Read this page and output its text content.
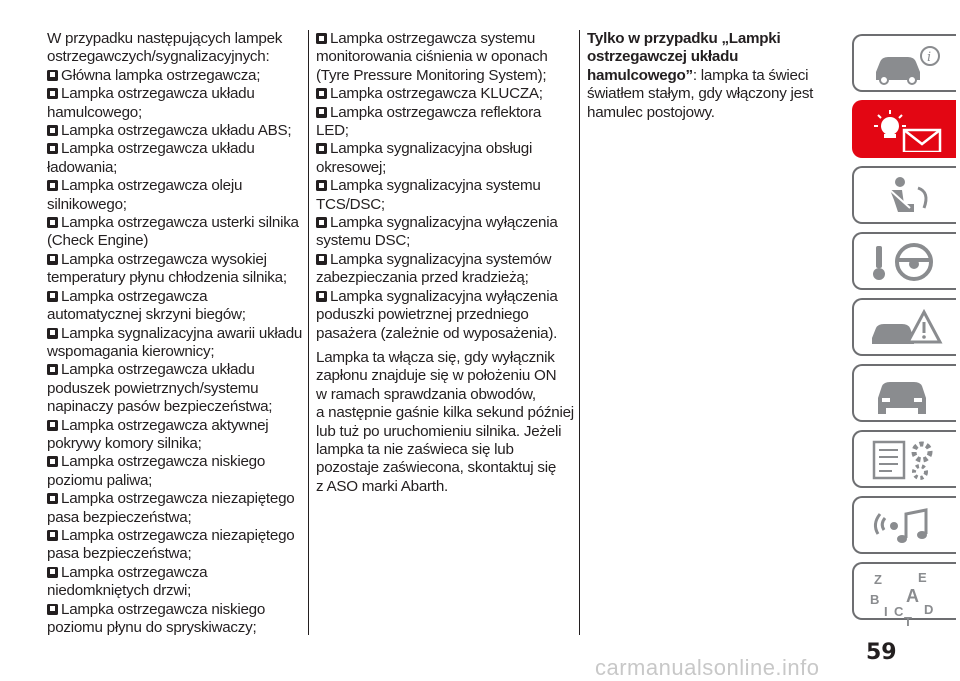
W przypadku następujących lampek
ostrzegawczych/sygnalizacyjnych:
Główna lampka ostrzegawcza;
Lampka ostrzegawcza układu
hamulcowego;
Lampka ostrzegawcza układu ABS;
Lampka ostrzegawcza układu
ładowania;
Lampka ostrzegawcza oleju
silnikowego;
Lampka ostrzegawcza usterki silnika
(Check Engine)
Lampka ostrzegawcza wysokiej
temperatury płynu chłodzenia silnika;
Lampka ostrzegawcza
automatycznej skrzyni biegów;
Lampka sygnalizacyjna awarii układu
wspomagania kierownicy;
Lampka ostrzegawcza układu
poduszek powietrznych/systemu
napinaczy pasów bezpieczeństwa;
Lampka ostrzegawcza aktywnej
pokrywy komory silnika;
Lampka ostrzegawcza niskiego
poziomu paliwa;
Lampka ostrzegawcza niezapiętego
pasa bezpieczeństwa;
Lampka ostrzegawcza niezapiętego
pasa bezpieczeństwa;
Lampka ostrzegawcza
niedomkniętych drzwi;
Lampka ostrzegawcza niskiego
poziomu płynu do spryskiwaczy;
Lampka ostrzegawcza systemu
monitorowania ciśnienia w oponach
(Tyre Pressure Monitoring System);
Lampka ostrzegawcza KLUCZA;
Lampka ostrzegawcza reflektora
LED;
Lampka sygnalizacyjna obsługi
okresowej;
Lampka sygnalizacyjna systemu
TCS/DSC;
Lampka sygnalizacyjna wyłączenia
systemu DSC;
Lampka sygnalizacyjna systemów
zabezpieczania przed kradzieżą;
Lampka sygnalizacyjna wyłączenia
poduszki powietrznej przedniego
pasażera (zależnie od wyposażenia).
Lampka ta włącza się, gdy wyłącznik
zapłonu znajduje się w położeniu ON
w ramach sprawdzania obwodów,
a następnie gaśnie kilka sekund później
lub tuż po uruchomieniu silnika. Jeżeli
lampka ta nie zaświeca się lub
pozostaje zaświecona, skontaktuj się
z ASO marki Abarth.
Tylko w przypadku „Lampki
ostrzegawczej układu
hamulcowego”: lampka ta świeci
światłem stałym, gdy włączony jest
hamulec postojowy.
i
Z	E
B A
I C D
T
59
carmanualsonline.info
